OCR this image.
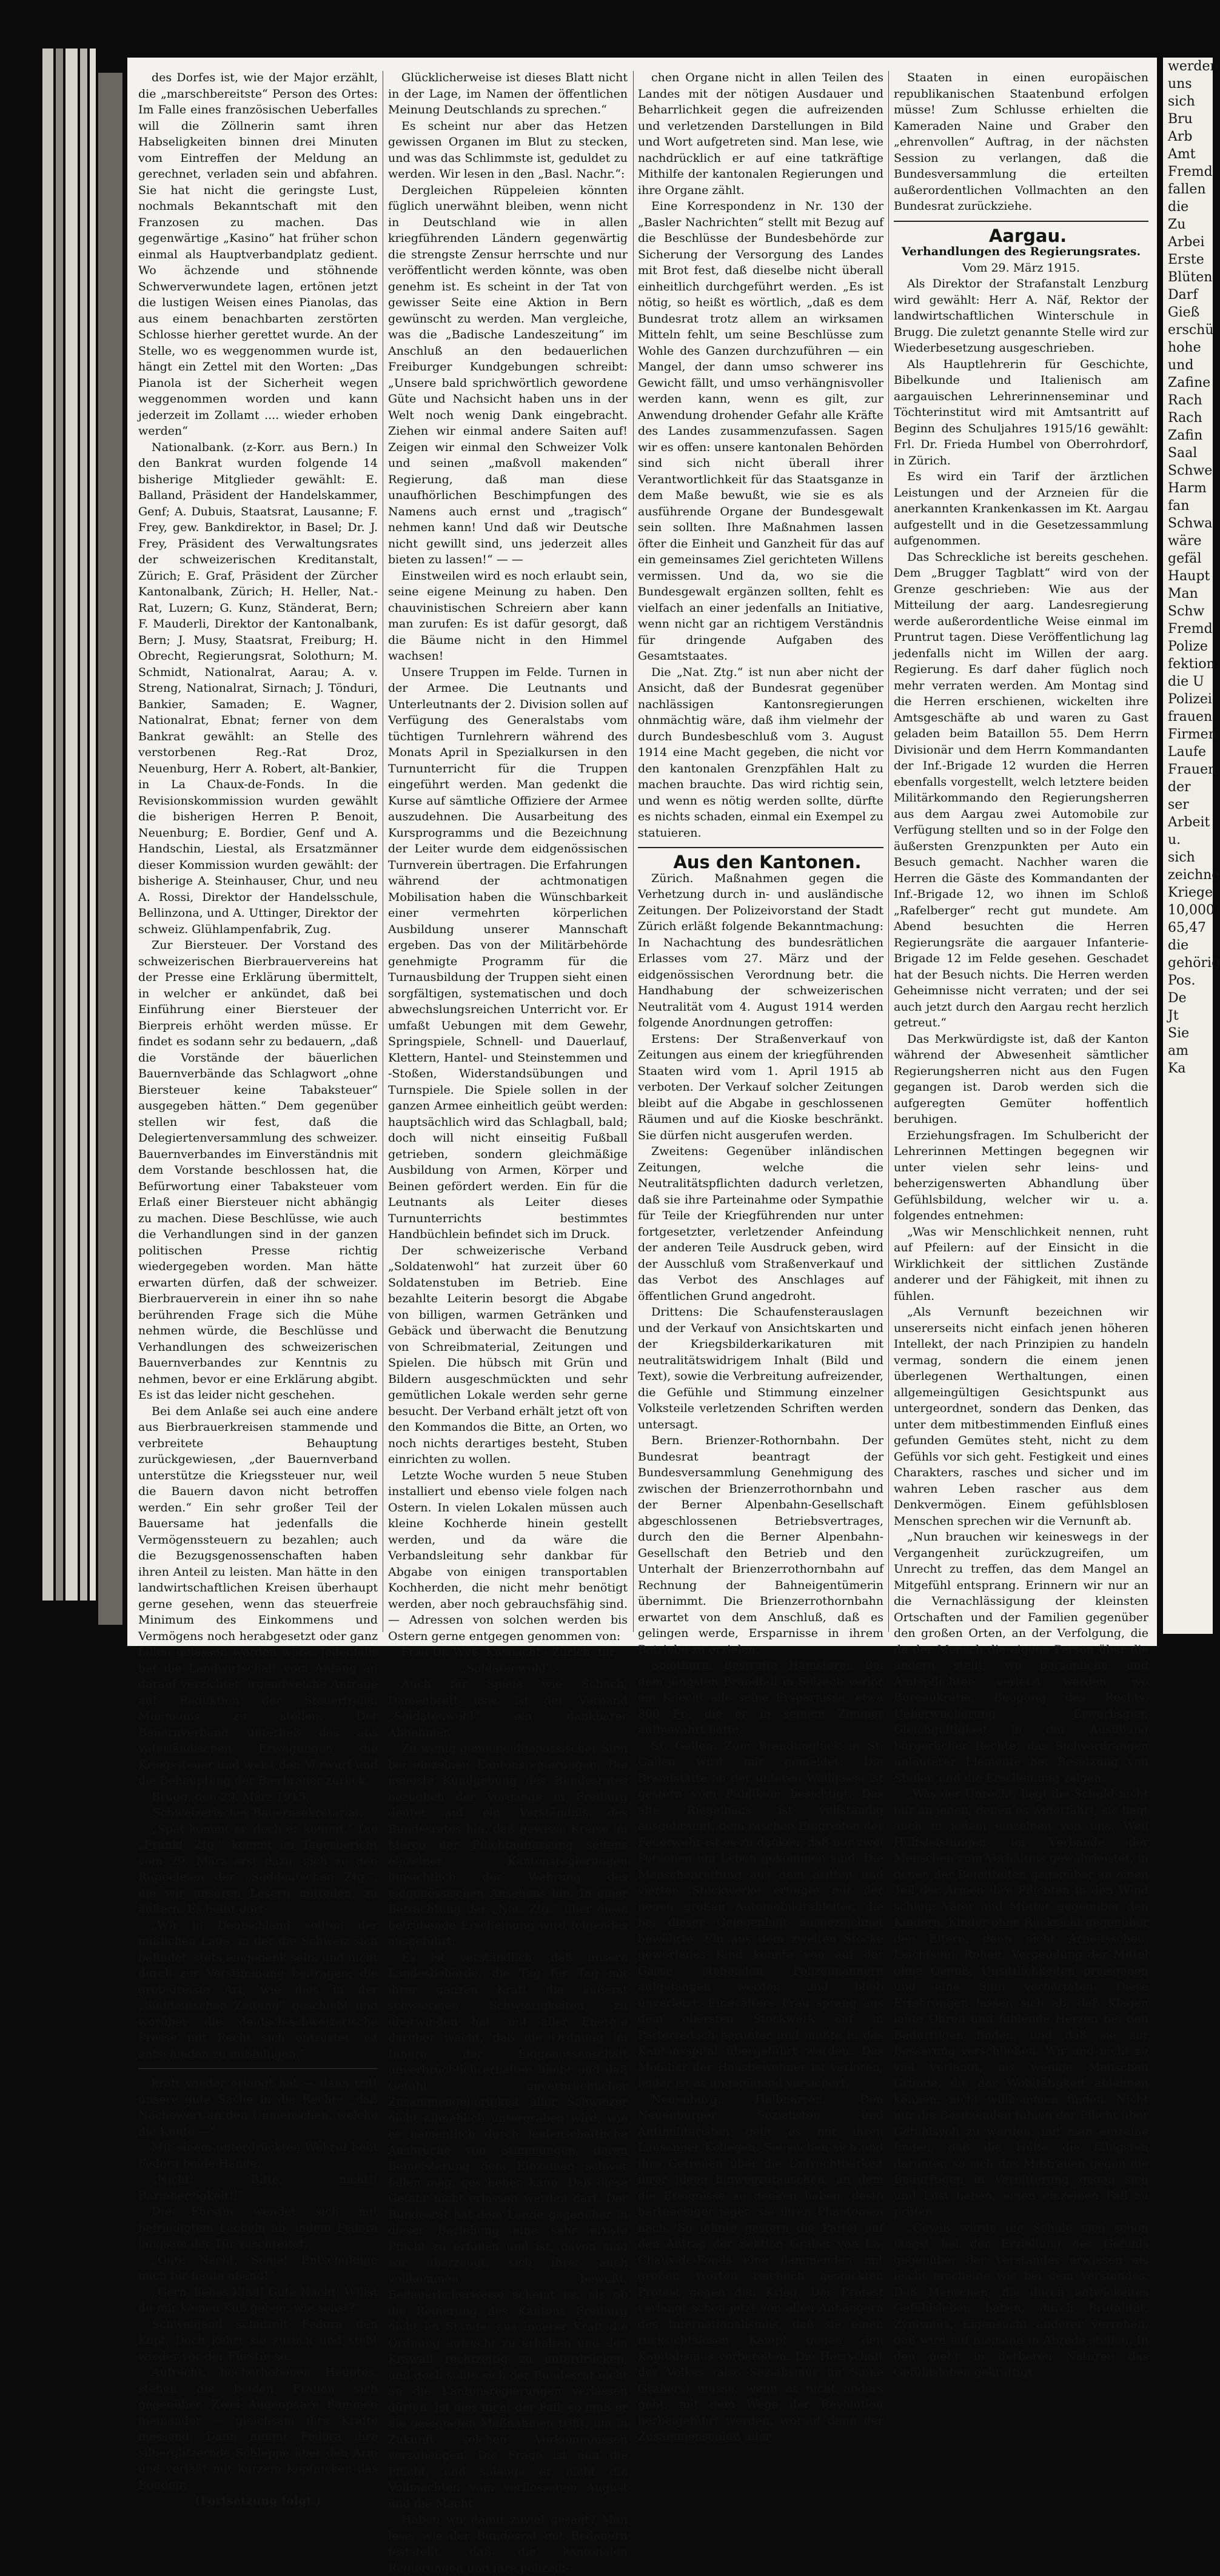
des Dorfes ist, wie der Major erzählt, die „marschbereitste“ Person des Ortes: Im Falle eines französischen Ueberfalles will die Zöllnerin samt ihren Habseligkeiten binnen drei Minuten vom Eintreffen der Meldung an gerechnet, verladen sein und abfahren. Sie hat nicht die geringste Lust, nochmals Bekanntschaft mit den Franzosen zu machen. Das gegenwärtige „Kasino“ hat früher schon einmal als Hauptverbandplatz gedient. Wo ächzende und stöhnende Schwerverwundete lagen, ertönen jetzt die lustigen Weisen eines Pianolas, das aus einem benachbarten zerstörten Schlosse hierher gerettet wurde. An der Stelle, wo es weggenommen wurde ist, hängt ein Zettel mit den Worten: „Das Pianola ist der Sicherheit wegen weggenommen worden und kann jederzeit im Zollamt .... wieder erhoben werden“

Nationalbank. (z-Korr. aus Bern.) In den Bankrat wurden folgende 14 bisherige Mitglieder gewählt: E. Balland, Präsident der Handelskammer, Genf; A. Dubuis, Staatsrat, Lausanne; F. Frey, gew. Bankdirektor, in Basel; Dr. J. Frey, Präsident des Verwaltungsrates der schweizerischen Kreditanstalt, Zürich; E. Graf, Präsident der Zürcher Kantonalbank, Zürich; H. Heller, Nat.-Rat, Luzern; G. Kunz, Ständerat, Bern; F. Mauderli, Direktor der Kantonalbank, Bern; J. Musy, Staatsrat, Freiburg; H. Obrecht, Regierungsrat, Solothurn; M. Schmidt, Nationalrat, Aarau; A. v. Streng, Nationalrat, Sirnach; J. Tönduri, Bankier, Samaden; E. Wagner, Nationalrat, Ebnat; ferner von dem Bankrat gewählt: an Stelle des verstorbenen Reg.-Rat Droz, Neuenburg, Herr A. Robert, alt-Bankier, in La Chaux-de-Fonds. In die Revisionskommission wurden gewählt die bisherigen Herren P. Benoit, Neuenburg; E. Bordier, Genf und A. Handschin, Liestal, als Ersatzmänner dieser Kommission wurden gewählt: der bisherige A. Steinhauser, Chur, und neu A. Rossi, Direktor der Handelsschule, Bellinzona, und A. Uttinger, Direktor der schweiz. Glühlampenfabrik, Zug.

Zur Biersteuer. Der Vorstand des schweizerischen Bierbrauervereins hat der Presse eine Erklärung übermittelt, in welcher er ankündet, daß bei Einführung einer Biersteuer der Bierpreis erhöht werden müsse. Er findet es sodann sehr zu bedauern, „daß die Vorstände der bäuerlichen Bauernverbände das Schlagwort „ohne Biersteuer keine Tabaksteuer“ ausgegeben hätten.“ Dem gegenüber stellen wir fest, daß die Delegiertenversammlung des schweizer. Bauernverbandes im Einverständnis mit dem Vorstande beschlossen hat, die Befürwortung einer Tabaksteuer vom Erlaß einer Biersteuer nicht abhängig zu machen. Diese Beschlüsse, wie auch die Verhandlungen sind in der ganzen politischen Presse richtig wiedergegeben worden. Man hätte erwarten dürfen, daß der schweizer. Bierbrauerverein in einer ihn so nahe berührenden Frage sich die Mühe nehmen würde, die Beschlüsse und Verhandlungen des schweizerischen Bauernverbandes zur Kenntnis zu nehmen, bevor er eine Erklärung abgibt. Es ist das leider nicht geschehen.

Bei dem Anlaße sei auch eine andere aus Bierbrauerkreisen stammende und verbreitete Behauptung zurückgewiesen, „der Bauernverband unterstütze die Kriegssteuer nur, weil die Bauern davon nicht betroffen werden.“ Ein sehr großer Teil der Bauersame hat jedenfalls die Vermögenssteuern zu bezahlen; auch die Bezugsgenossenschaften haben ihren Anteil zu leisten. Man hätte in den landwirtschaftlichen Kreisen überhaupt gerne gesehen, wenn das steuerfreie Minimum des Einkommens und Vermögens noch herabgesetzt oder ganz fallen gelassen worden wäre. Jedenfalls hat die Landwirtschaft vom Anfang an darauf verzichtet, irgendwelche Anträge auf Reduktion der Steuerfreien Minimums zu stellen. Der Bauernverband unterließ das aus vaterländischen Erwägungen die Kriegssteuer und weist den Vorwurf und die Behauptung der Bierbrauer zurück.

Brugg, den 29. März 1915.

Schweizerisches Bauernsekretariat.

„Spät kommt er, doch er kommt.“ Die „Frankf. Ztg.“ kommt im Tagesbericht vom 29. März erst dazu, sich zu den Rüppeleien der „Süddeutschen Ztg.“, die wir unseren Lesern mitteilen, zu äußern. Es heißt dort:

„Wir in Deutschland sollten der mißlichen Lage, in der die Schweiz sich befindet, stets eingedenk sein, und nicht durch zur Verstimmung beitragen; die grob-dreiste Art, wie dies in der „Süddeutschen Zeitung“ geschieht und worüber die deutsch-schweizerische Presse mit Recht sich entrüstet, ist entschieden zu mißbilligen.“

kraft wieder erlangt hat — dann tritt unsere gute Sache in die Rechte „daß Nachewert an den Unmenschen, welche die Knute —“

Mit einem unterdrückten Wehruf hebt Fedora beide Hände.

„Nicht! Bitte, nicht!! Barmherzigkeit!!“

Die Fürstin wendet sich mit befriedigtem Lächeln ab, indem Fedora langsam der Tür zuschreitet.

„Gute Nacht, Sonja! Entschuldige mich für heute abend!“

„Gern, liebes Kind! Gute Nacht! Willst du mir keinen Kuß geben, wie sonst?“

Schweigend schüttelt Fedora den Kopf. Doch kehrt sie zurück und steht wieder vor der Fürstin so.

Aufrecht, hocherhobenen Hauptes, stehen die beiden Frauen sich gegenüber. Zwei Augenpaare flammen ineinander — gleichsam ihre Kräfte messend. Dann nimmt Fedora ihre silberglitzernde Schleppe über den Arm und verläßt mit kurzem Kopfnicken das Boudoir.

(Fortsetzung folgt.)

Glücklicherweise ist dieses Blatt nicht in der Lage, im Namen der öffentlichen Meinung Deutschlands zu sprechen.“

Es scheint nur aber das Hetzen gewissen Organen im Blut zu stecken, und was das Schlimmste ist, geduldet zu werden. Wir lesen in den „Basl. Nachr.“:

Dergleichen Rüppeleien könnten füglich unerwähnt bleiben, wenn nicht in Deutschland wie in allen kriegführenden Ländern gegenwärtig die strengste Zensur herrschte und nur veröffentlicht werden könnte, was oben genehm ist. Es scheint in der Tat von gewisser Seite eine Aktion in Bern gewünscht zu werden. Man vergleiche, was die „Badische Landeszeitung“ im Anschluß an den bedauerlichen Freiburger Kundgebungen schreibt: „Unsere bald sprichwörtlich gewordene Güte und Nachsicht haben uns in der Welt noch wenig Dank eingebracht. Ziehen wir einmal andere Saiten auf! Zeigen wir einmal den Schweizer Volk und seinen „maßvoll makenden“ Regierung, daß man diese unaufhörlichen Beschimpfungen des Namens auch ernst und „tragisch“ nehmen kann! Und daß wir Deutsche nicht gewillt sind, uns jederzeit alles bieten zu lassen!“ — —

Einstweilen wird es noch erlaubt sein, seine eigene Meinung zu haben. Den chauvinistischen Schreiern aber kann man zurufen: Es ist dafür gesorgt, daß die Bäume nicht in den Himmel wachsen!

Unsere Truppen im Felde. Turnen in der Armee. Die Leutnants und Unterleutnants der 2. Division sollen auf Verfügung des Generalstabs vom tüchtigen Turnlehrern während des Monats April in Spezialkursen in den Turnunterricht für die Truppen eingeführt werden. Man gedenkt die Kurse auf sämtliche Offiziere der Armee auszudehnen. Die Ausarbeitung des Kursprogramms und die Bezeichnung der Leiter wurde dem eidgenössischen Turnverein übertragen. Die Erfahrungen während der achtmonatigen Mobilisation haben die Wünschbarkeit einer vermehrten körperlichen Ausbildung unserer Mannschaft ergeben. Das von der Militärbehörde genehmigte Programm für die Turnausbildung der Truppen sieht einen sorgfältigen, systematischen und doch abwechslungsreichen Unterricht vor. Er umfaßt Uebungen mit dem Gewehr, Springspiele, Schnell- und Dauerlauf, Klettern, Hantel- und Steinstemmen und -Stoßen, Widerstandsübungen und Turnspiele. Die Spiele sollen in der ganzen Armee einheitlich geübt werden: hauptsächlich wird das Schlagball, bald; doch will nicht einseitig Fußball getrieben, sondern gleichmäßige Ausbildung von Armen, Körper und Beinen gefördert werden. Ein für die Leutnants als Leiter dieses Turnunterrichts bestimmtes Handbüchlein befindet sich im Druck.

Der schweizerische Verband „Soldatenwohl“ hat zurzeit über 60 Soldatenstuben im Betrieb. Eine bezahlte Leiterin besorgt die Abgabe von billigen, warmen Getränken und Gebäck und überwacht die Benutzung von Schreibmaterial, Zeitungen und Spielen. Die hübsch mit Grün und Bildern ausgeschmückten und sehr gemütlichen Lokale werden sehr gerne besucht. Der Verband erhält jetzt oft von den Kommandos die Bitte, an Orten, wo noch nichts derartiges besteht, Stuben einrichten zu wollen.

Letzte Woche wurden 5 neue Stuben installiert und ebenso viele folgen nach Ostern. In vielen Lokalen müssen auch kleine Kochherde hinein gestellt werden, und da wäre die Verbandsleitung sehr dankbar für Abgabe von einigen transportablen Kochherden, die nicht mehr benötigt werden, aber noch gebrauchsfähig sind. — Adressen von solchen werden bis Ostern gerne entgegen genommen von:

Frau Dr. Wyß, Küsnacht - Zürich, für „Soldatenwohl“.

Auch für Spiele wie Schach, Damenbrett usw. ist der Verband „Soldatenwohl“ ein dankbarer Abnehmer.

Zu wenig gemeineidgenössischer Sinn bei einzelnen Kantonsregierungen. Die neueste Kundgebung des Bundesrates bezüglich der Vorgänge in Freiburg deutet auf ein Verständnis des Bundesrates hin, daß gewisse Kreise im Marco der Pflichtauffassung seitens einzelner Kantonsregierungen hinsichtlich der Wahrung des eidgenössischen Ansehens hin. In einer Betrachtung der „Nat. Ztg.“ über diese betrübende Erscheinung wird folgendes ausgeführt:

Es ist verständlich, daß unsere Landesbehörde, die Tag für Tag mit ihrer ganzen Kraft die äußerst schwierigen Schwierigkeiten zu überwinden hat, mit aller Energie darüber wacht, daß die Ordnung im Innern der Eidgenossenschaft unverbrüchlich erhalten bleibt und daß Gefühl unverbrüchlicher Zusammengehörigkeit aller Schweizer nicht allmählich untergraben wird, wie es namentlich durch leidenschaftliche Ausbrüche von Stimmungen, deren Bemeisterung dem Einzelnen schwer fallen mag, geschehen kann. Daß diese Gefahr nicht erlassen werden darf. Der Bundesrat hat dem Lande gegenüber in dieser Beziehung eine sehr ernste Pflicht zu erfüllen und ist, davon sind wir überzeugt, sich ihrer auch vollkommen bewußt. Bedauerlicherweise scheint es, als ob die Regierung des Kantons Freiburg nicht im Stande, aus innerer Kraft die Ordnung aufrecht zu erhalten und den Krawall rechtzeitig zu unterdrücken, und doch sollte sich der Bundesrat nicht an die Kantonsregierungen verlassen dürfen. Ist dies nicht der Fall, so muß er die geeigneten Maßnahmen trifft, um in Zukunft solchen Vorkommnissen vorzubeugen. Die Frage ist nun die Pflicht, und solange er nicht die Vollmachten vom verflossenen August und die Macht

Haben wir damit zuviel gesagt? Man lese, wie der Bundesrat mit Bedauern feststellt, daß die kantonalen Regierungen und ihre polizeili-

chen Organe nicht in allen Teilen des Landes mit der nötigen Ausdauer und Beharrlichkeit gegen die aufreizenden und verletzenden Darstellungen in Bild und Wort aufgetreten sind. Man lese, wie nachdrücklich er auf eine tatkräftige Mithilfe der kantonalen Regierungen und ihre Organe zählt.

Eine Korrespondenz in Nr. 130 der „Basler Nachrichten“ stellt mit Bezug auf die Beschlüsse der Bundesbehörde zur Sicherung der Versorgung des Landes mit Brot fest, daß dieselbe nicht überall einheitlich durchgeführt werden. „Es ist nötig, so heißt es wörtlich, „daß es dem Bundesrat trotz allem an wirksamen Mitteln fehlt, um seine Beschlüsse zum Wohle des Ganzen durchzuführen — ein Mangel, der dann umso schwerer ins Gewicht fällt, und umso verhängnisvoller werden kann, wenn es gilt, zur Anwendung drohender Gefahr alle Kräfte des Landes zusammenzufassen. Sagen wir es offen: unsere kantonalen Behörden sind sich nicht überall ihrer Verantwortlichkeit für das Staatsganze in dem Maße bewußt, wie sie es als ausführende Organe der Bundesgewalt sein sollten. Ihre Maßnahmen lassen öfter die Einheit und Ganzheit für das auf ein gemeinsames Ziel gerichteten Willens vermissen. Und da, wo sie die Bundesgewalt ergänzen sollten, fehlt es vielfach an einer jedenfalls an Initiative, wenn nicht gar an richtigem Verständnis für dringende Aufgaben des Gesamtstaates.

Die „Nat. Ztg.“ ist nun aber nicht der Ansicht, daß der Bundesrat gegenüber nachlässigen Kantonsregierungen ohnmächtig wäre, daß ihm vielmehr der durch Bundesbeschluß vom 3. August 1914 eine Macht gegeben, die nicht vor den kantonalen Grenzpfählen Halt zu machen brauchte. Das wird richtig sein, und wenn es nötig werden sollte, dürfte es nichts schaden, einmal ein Exempel zu statuieren.

Aus den Kantonen.

Zürich. Maßnahmen gegen die Verhetzung durch in- und ausländische Zeitungen. Der Polizeivorstand der Stadt Zürich erläßt folgende Bekanntmachung: In Nachachtung des bundesrätlichen Erlasses vom 27. März und der eidgenössischen Verordnung betr. die Handhabung der schweizerischen Neutralität vom 4. August 1914 werden folgende Anordnungen getroffen:

Erstens: Der Straßenverkauf von Zeitungen aus einem der kriegführenden Staaten wird vom 1. April 1915 ab verboten. Der Verkauf solcher Zeitungen bleibt auf die Abgabe in geschlossenen Räumen und auf die Kioske beschränkt. Sie dürfen nicht ausgerufen werden.

Zweitens: Gegenüber inländischen Zeitungen, welche die Neutralitätspflichten dadurch verletzen, daß sie ihre Parteinahme oder Sympathie für Teile der Kriegführenden nur unter fortgesetzter, verletzender Anfeindung der anderen Teile Ausdruck geben, wird der Ausschluß vom Straßenverkauf und das Verbot des Anschlages auf öffentlichen Grund angedroht.

Drittens: Die Schaufensterauslagen und der Verkauf von Ansichtskarten und der Kriegsbilderkarikaturen mit neutralitätswidrigem Inhalt (Bild und Text), sowie die Verbreitung aufreizender, die Gefühle und Stimmung einzelner Volksteile verletzenden Schriften werden untersagt.

Bern. Brienzer-Rothornbahn. Der Bundesrat beantragt der Bundesversammlung Genehmigung des zwischen der Brienzerrothornbahn und der Berner Alpenbahn-Gesellschaft abgeschlossenen Betriebsvertrages, durch den die Berner Alpenbahn-Gesellschaft den Betrieb und den Unterhalt der Brienzerrothornbahn auf Rechnung der Bahneigentümerin übernimmt. Die Brienzerrothornbahn erwartet von dem Anschluß, daß es gelingen werde, Ersparnisse in ihrem Betriebe zu erzielen.

Solothurn. Bestrafte Hamsterei. Bei dem jüngsten Brandfall in Selzach verlor ein Knecht alle seine Ersparnisse, etwa 800 Fr., die er in seinem Zimmer aufbewahrt hatte.

St. Gallen. Zum Brandunglück in St. Gallen wird mir gemeldet: Die Brandstätte an der unteren Wallgasse ist gestern vom Publikum besichtigt. Das alte Riegelhaus ist vollständig ausgebrannt; dem raschen Eingreifen der Feuerwehr ist es zu danken, daß nur zwei Personen um Leben gekommen sind. Die Menschenrettung aus dem dritten und vierten Stockwerke erfolgte mit der neuen großen Automobildrehleiter, die bei dieser Gelegenheit ausgezeichnet bewährte. Ein aus dem zweiten Stocke geworfenes Kind konnte von auf der Gasse stehenden Polizeimännern aufgefangen werden und blieb unverletzt. Eine ältere Frau sprang aus dem obersten Stockwerk auf in Parterredach herunter und mußte in das Kantonsspital übergeführt werden. Das Mobiliar der Hausbewohner ist verloren, leider ist es ungenügend versichert.

Neuenburg. Halbnarren. Den Neuenburger Sozialisten und Antimilitaristen geht es mit ihren Lausanner Kollegen. Sie suchen sich und ihre Getreuen über die Unfruchtbarkeit ihrer Ideen hinwegzutäuschen, an dem die Ereignisse zu denken haben, desto hartnäckiger jagen sie ihren Phantomen nach. So lehnte gestern die Partei auf den Antrag der Sektion Graber von La-Chaux-de-Fonds eine flammenden mit großen Worten reichlich gespickten Protest gegen den Krieg. Der Protest verlangt schon jetzt von allen Anhängern des Internationalismus, daß sie einen rücksichtslosen Kampf gegen den Kapitalismus vorbereiten. Die Herrschaft des Volkes (also Sozialismus im Sinne Grabers) müsse, wenn es nicht anders geht, mit dem Wege der Revolution herbeigeführt werden, worauf dann der Zusammenschluß aller

Staaten in einen europäischen republikanischen Staatenbund erfolgen müsse! Zum Schlusse erhielten die Kameraden Naine und Graber den „ehrenvollen“ Auftrag, in der nächsten Session zu verlangen, daß die Bundesversammlung die erteilten außerordentlichen Vollmachten an den Bundesrat zurückziehe.

Aargau.

Verhandlungen des Regierungsrates.

Vom 29. März 1915.

Als Direktor der Strafanstalt Lenzburg wird gewählt: Herr A. Näf, Rektor der landwirtschaftlichen Winterschule in Brugg. Die zuletzt genannte Stelle wird zur Wiederbesetzung ausgeschrieben.

Als Hauptlehrerin für Geschichte, Bibelkunde und Italienisch am aargauischen Lehrerinnenseminar und Töchterinstitut wird mit Amtsantritt auf Beginn des Schuljahres 1915/16 gewählt: Frl. Dr. Frieda Humbel von Oberrohrdorf, in Zürich.

Es wird ein Tarif der ärztlichen Leistungen und der Arzneien für die anerkannten Krankenkassen im Kt. Aargau aufgestellt und in die Gesetzessammlung aufgenommen.

Das Schreckliche ist bereits geschehen. Dem „Brugger Tagblatt“ wird von der Grenze geschrieben: Wie aus der Mitteilung der aarg. Landesregierung werde außerordentliche Weise einmal im Pruntrut tagen. Diese Veröffentlichung lag jedenfalls nicht im Willen der aarg. Regierung. Es darf daher füglich noch mehr verraten werden. Am Montag sind die Herren erschienen, wickelten ihre Amtsgeschäfte ab und waren zu Gast geladen beim Bataillon 55. Dem Herrn Divisionär und dem Herrn Kommandanten der Inf.-Brigade 12 wurden die Herren ebenfalls vorgestellt, welch letztere beiden Militärkommando den Regierungsherren aus dem Aargau zwei Automobile zur Verfügung stellten und so in der Folge den äußersten Grenzpunkten per Auto ein Besuch gemacht. Nachher waren die Herren die Gäste des Kommandanten der Inf.-Brigade 12, wo ihnen im Schloß „Rafelberger“ recht gut mundete. Am Abend besuchten die Herren Regierungsräte die aargauer Infanterie-Brigade 12 im Felde gesehen. Geschadet hat der Besuch nichts. Die Herren werden Geheimnisse nicht verraten; und der sei auch jetzt durch den Aargau recht herzlich getreut.“

Das Merkwürdigste ist, daß der Kanton während der Abwesenheit sämtlicher Regierungsherren nicht aus den Fugen gegangen ist. Darob werden sich die aufgeregten Gemüter hoffentlich beruhigen.

Erziehungsfragen. Im Schulbericht der Lehrerinnen Mettingen begegnen wir unter vielen sehr leins- und beherzigenswerten Abhandlung über Gefühlsbildung, welcher wir u. a. folgendes entnehmen:

„Was wir Menschlichkeit nennen, ruht auf Pfeilern: auf der Einsicht in die Wirklichkeit der sittlichen Zustände anderer und der Fähigkeit, mit ihnen zu fühlen.

„Als Vernunft bezeichnen wir unsererseits nicht einfach jenen höheren Intellekt, der nach Prinzipien zu handeln vermag, sondern die einem jenen überlegenen Werthaltungen, einen allgemeingültigen Gesichtspunkt aus untergeordnet, sondern das Denken, das unter dem mitbestimmenden Einfluß eines gefunden Gemütes steht, nicht zu dem Gefühls vor sich geht. Festigkeit und eines Charakters, rasches und sicher und im wahren Leben rascher aus dem Denkvermögen. Einem gefühlsblosen Menschen sprechen wir die Vernunft ab.

„Nun brauchen wir keineswegs in der Vergangenheit zurückzugreifen, um Unrecht zu treffen, das dem Mangel an Mitgefühl entsprang. Erinnern wir nur an die Vernachlässigung der kleinsten Ortschaften und der Familien gegenüber den großen Orten, an der Verfolgung, die da der Mensch die eigene Person über die andern stellt, wo persönliche und Amtspflichten verletzt werden, wo Bureaukratie, Beugung des Rechts, Ueberwucherung, Erwerbsgier, Gleichgültigkeit in der Ausübung bürgerlicher Rechte, das Sichvordrängen unlauterer Elemente bei Besetzung von Stellen und die Erscheinung zeigen.

„Was der Unrecht, liegt die Schuld nicht nur an jenen, denen es widerfährt, sie liegt auch in jedem einzelnen von uns. Weil Hülfsleistungen im Verbande der Menschen zum Verhältnis gewährleistet, in denen der Bemittelten gegenüber an einen Teil der Armen ihre Pflichten in den Wind schlug: Väter und Mütter gegenüber den Kindern, Kinder ohne Rücksicht gegenüber den Eltern, denn nicht Arbeitsscheu, Leichtsinn, Roheit, Vergeudung der Mittel ohne Genuß, Unsittlichkeiten preisgeben und eine Sinn verhärteten. Diese Erfahrungen lassen sich ab, daß Klagen laute Ohren und fühlende Herzen bei den Bedürftigen finden, und daß sie zur Besserung verschließen. Wir und nicht zu viel verlangt, als wenige Menschen Gründe, die der Wohltätigkeit ablehnen können, nicht willkommen finden. Nicht nur die Besitzenden fühlen der Pflicht über Gefühlsvoll zu werden, mit man einzelne finden, daß die Hülfe die fähigsten darunter, so sich das Mißtrauen gegen die Bedürftigen in Verbitterung gegen sich und Lust haben, einen einzelnen Fall zu prüfen.

„Gewiß würde die Schule sich schon längst bei der Erziehung des Gefühls gegenüber der Verstandes erwiesen als leicht erscheine wie bei dem Verstandes. Daß Menschen, die durch entwickeltes Gefühlsleben haben, durch Brutalität, Zynismus, Eigensucht anderer verrohen, daß wird auf niemand in Abrede stellen. In den mehr in derberen Naturen das Gefühlsleben gekräftigt

werden

uns

sich

Bru

Arb

Amt

Fremd

fallen

die

Zu

Arbei

Erste

Blüten

Darf

Gieß

erschü

hohe

und

Zafine

Rach

Rach

Zafin

Saal

Schwe

Harm

fan

Schwa

wäre

gefäl

Haupt

Man

Schw

Fremd

Polize

fektion

die U

Polizei

frauen

Firmen

Laufe

Frauen

der

ser

Arbeit

u.

sich

zeichne

Kriege

10,000

65,47

die

gehörig

Pos.

De

Jt

Sie

am

Ka
